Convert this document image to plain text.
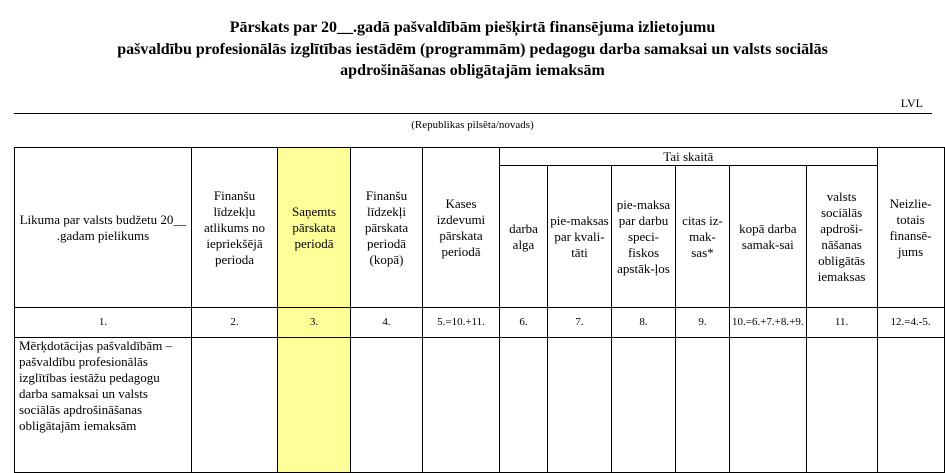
Pārskats par 20__.gadā pašvaldībām piešķirtā finansējuma izlietojumu
pašvaldību profesionālās izglītības iestādēm (programmām) pedagogu darba samaksai un valsts sociālās
apdrošināšanas obligātajām iemaksām
LVL
(Republikas pilsēta/novads)
Likuma par valsts budžetu 20__ .gadam pielikums	Finanšu līdzekļu atlikums no iepriekšējā perioda	Saņemts pārskata periodā	Finanšu līdzekļi pārskata periodā (kopā)	Kases izdevumi pārskata periodā	Tai skaitā						Neizlie-totais finansē-jums
					darba alga	pie-maksas par kvali-tāti	pie-maksa par darbu speci-fiskos apstāk-ļos	citas iz-mak-sas*	kopā darba samak-sai	valsts sociālās apdroši-nāšanas obligātās iemaksas	
1.	2.	3.	4.	5.=10.+11.	6.	7.	8.	9.	10.=6.+7.+8.+9.	11.	12.=4.-5.
Mērķdotācijas pašvaldībām – pašvaldību profesionālās izglītības iestāžu pedagogu darba samaksai un valsts sociālās apdrošināšanas obligātajām iemaksām											
